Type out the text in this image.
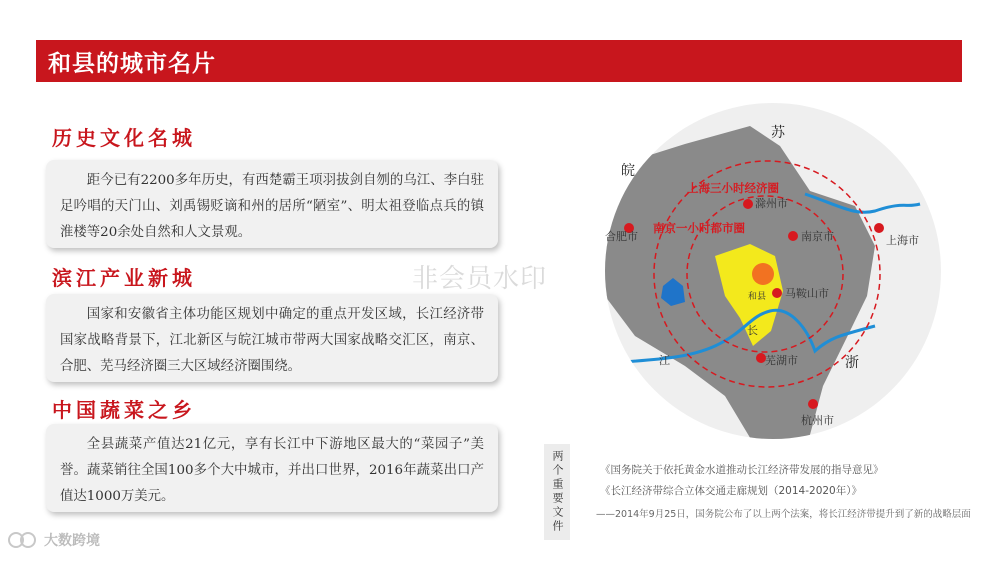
和县的城市名片
历史文化名城
距今已有2200多年历史，有西楚霸王项羽拔剑自刎的乌江、李白驻足吟唱的天门山、刘禹锡贬谪和州的居所“陋室”、明太祖登临点兵的镇淮楼等20余处自然和人文景观。
滨江产业新城
国家和安徽省主体功能区规划中确定的重点开发区域，长江经济带国家战略背景下，江北新区与皖江城市带两大国家战略交汇区，南京、合肥、芜马经济圈三大区域经济圈围绕。
中国蔬菜之乡
全县蔬菜产值达21亿元，享有长江中下游地区最大的“菜园子”美誉。蔬菜销往全国100多个大中城市，并出口世界，2016年蔬菜出口产值达1000万美元。
苏
皖
浙
上海三小时经济圈
南京一小时都市圈
滁州市
南京市	上海市
合肥市
马鞍山市
芜湖市
杭州市
和县
江
长
非会员水印
两个重要文件	《国务院关于依托黄金水道推动长江经济带发展的指导意见》
《长江经济带综合立体交通走廊规划（2014-2020年）》
——2014年9月25日，国务院公布了以上两个法案，将长江经济带提升到了新的战略层面
大数跨境
